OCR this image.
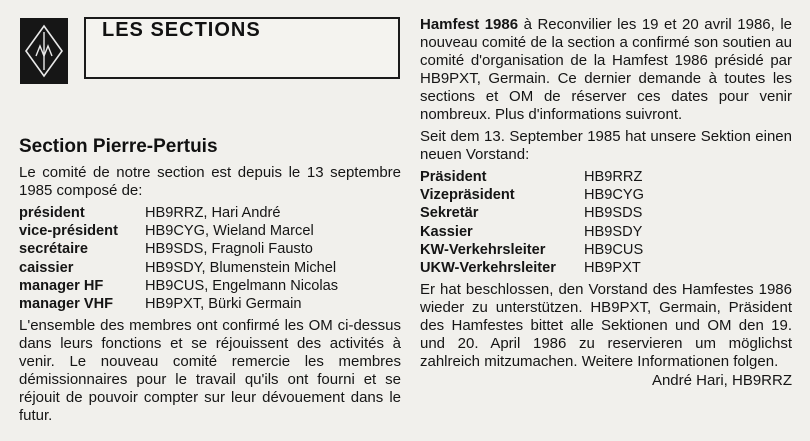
LES SECTIONS
Section Pierre-Pertuis

Le comité de notre section est depuis le 13 septembre 1985 composé de:

président	HB9RRZ, Hari André
vice-président	HB9CYG, Wieland Marcel
secrétaire	HB9SDS, Fragnoli Fausto
caissier	HB9SDY, Blumenstein Michel
manager HF	HB9CUS, Engelmann Nicolas
manager VHF	HB9PXT, Bürki Germain

L'ensemble des membres ont confirmé les OM ci-dessus dans leurs fonctions et se réjouissent des activités à venir. Le nouveau comité remercie les membres démissionnaires pour le travail qu'ils ont fourni et se réjouit de pouvoir compter sur leur dévouement dans le futur.

Hamfest 1986 à Reconvilier les 19 et 20 avril 1986, le nouveau comité de la section a confirmé son soutien au comité d'organisation de la Hamfest 1986 présidé par HB9PXT, Germain. Ce dernier demande à toutes les sections et OM de réserver ces dates pour venir nombreux. Plus d'informations suivront.

Seit dem 13. September 1985 hat unsere Sektion einen neuen Vorstand:

Präsident	HB9RRZ
Vizepräsident	HB9CYG
Sekretär	HB9SDS
Kassier	HB9SDY
KW-Verkehrsleiter	HB9CUS
UKW-Verkehrsleiter	HB9PXT

Er hat beschlossen, den Vorstand des Hamfestes 1986 wieder zu unterstützen. HB9PXT, Germain, Präsident des Hamfestes bittet alle Sektionen und OM den 19. und 20. April 1986 zu reservieren um möglichst zahlreich mitzumachen. Weitere Informationen folgen.

André Hari, HB9RRZ
